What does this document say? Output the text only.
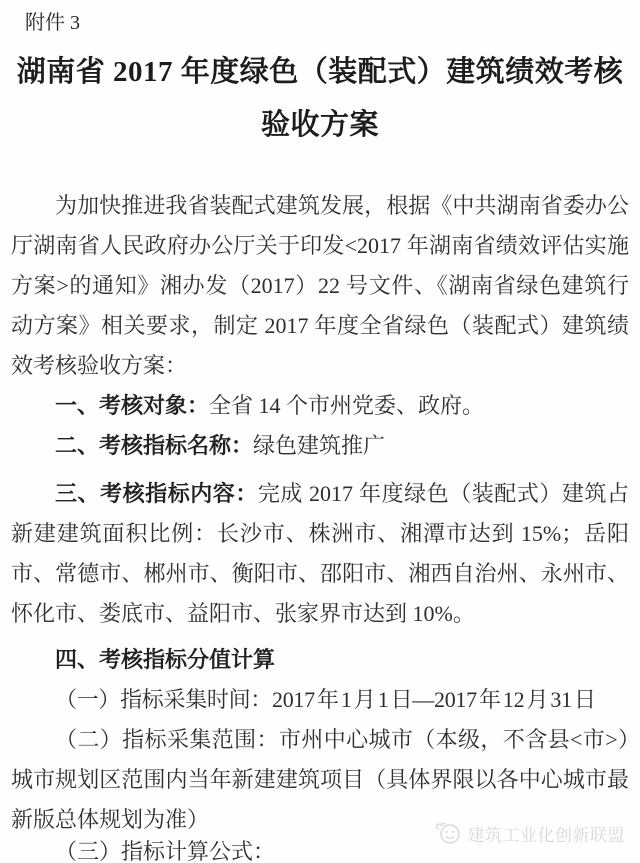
附件 3
湖南省 2017 年度绿色（装配式）建筑绩效考核
验收方案

为加快推进我省装配式建筑发展，根据《中共湖南省委办公厅湖南省人民政府办公厅关于印发<2017 年湖南省绩效评估实施方案>的通知》湘办发（2017）22 号文件、《湖南省绿色建筑行动方案》相关要求，制定 2017 年度全省绿色（装配式）建筑绩效考核验收方案：

一、考核对象：全省 14 个市州党委、政府。

二、考核指标名称：绿色建筑推广

三、考核指标内容：完成 2017 年度绿色（装配式）建筑占新建建筑面积比例：长沙市、株洲市、湘潭市达到 15%；岳阳市、常德市、郴州市、衡阳市、邵阳市、湘西自治州、永州市、怀化市、娄底市、益阳市、张家界市达到 10%。

四、考核指标分值计算

（一）指标采集时间：2017 年 1 月 1 日—2017 年 12 月 31 日

（二）指标采集范围：市州中心城市（本级，不含县<市>）城市规划区范围内当年新建建筑项目（具体界限以各中心城市最新版总体规划为准）

（三）指标计算公式：

建筑工业化创新联盟
